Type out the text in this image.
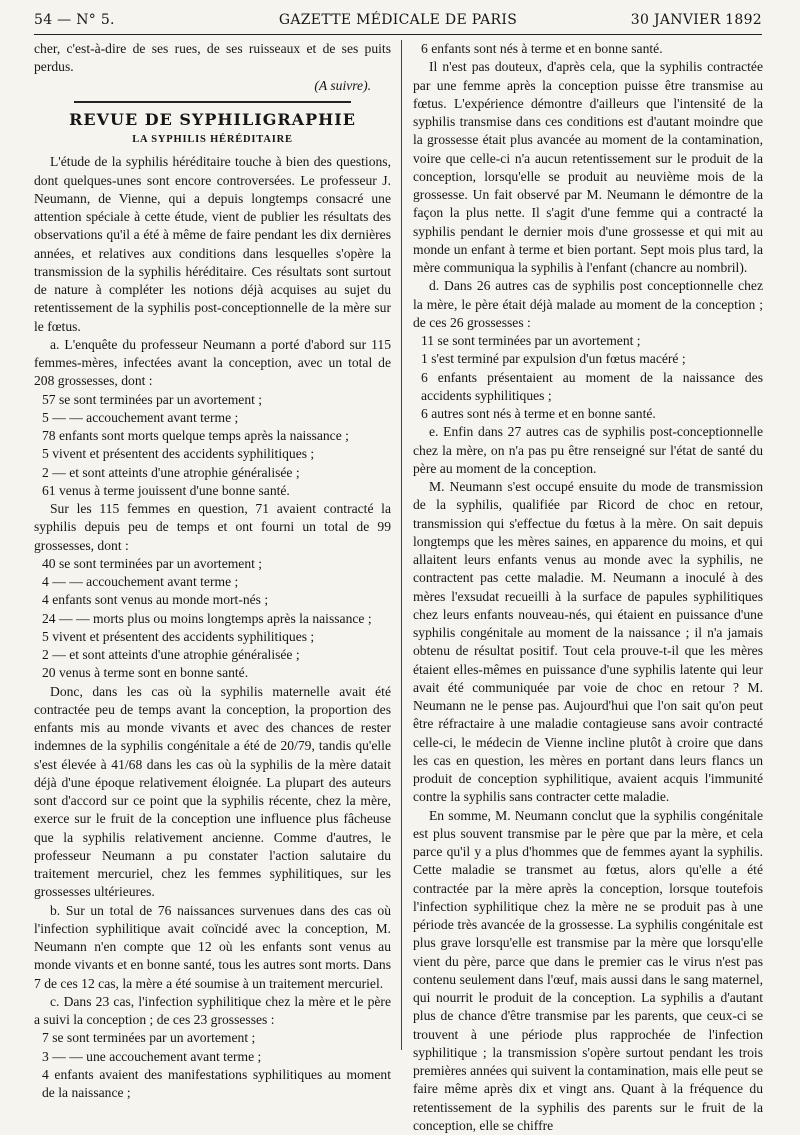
54 — N° 5.	GAZETTE MÉDICALE DE PARIS	30 JANVIER 1892

cher, c'est-à-dire de ses rues, de ses ruisseaux et de ses puits perdus.

(A suivre).

REVUE DE SYPHILIGRAPHIE
LA SYPHILIS HÉRÉDITAIRE

L'étude de la syphilis héréditaire touche à bien des questions, dont quelques-unes sont encore controversées. Le professeur J. Neumann, de Vienne, qui a depuis longtemps consacré une attention spéciale à cette étude, vient de publier les résultats des observations qu'il a été à même de faire pendant les dix dernières années, et relatives aux conditions dans lesquelles s'opère la transmission de la syphilis héréditaire. Ces résultats sont surtout de nature à compléter les notions déjà acquises au sujet du retentissement de la syphilis post-conceptionnelle de la mère sur le fœtus.

a. L'enquête du professeur Neumann a porté d'abord sur 115 femmes-mères, infectées avant la conception, avec un total de 208 grossesses, dont :

57 se sont terminées par un avortement ;

5 — — accouchement avant terme ;

78 enfants sont morts quelque temps après la naissance ;

5 vivent et présentent des accidents syphilitiques ;

2 — et sont atteints d'une atrophie généralisée ;

61 venus à terme jouissent d'une bonne santé.

Sur les 115 femmes en question, 71 avaient contracté la syphilis depuis peu de temps et ont fourni un total de 99 grossesses, dont :

40 se sont terminées par un avortement ;

4 — — accouchement avant terme ;

4 enfants sont venus au monde mort-nés ;

24 — — morts plus ou moins longtemps après la naissance ;

5 vivent et présentent des accidents syphilitiques ;

2 — et sont atteints d'une atrophie généralisée ;

20 venus à terme sont en bonne santé.

Donc, dans les cas où la syphilis maternelle avait été contractée peu de temps avant la conception, la proportion des enfants mis au monde vivants et avec des chances de rester indemnes de la syphilis congénitale a été de 20/79, tandis qu'elle s'est élevée à 41/68 dans les cas où la syphilis de la mère datait déjà d'une époque relativement éloignée. La plupart des auteurs sont d'accord sur ce point que la syphilis récente, chez la mère, exerce sur le fruit de la conception une influence plus fâcheuse que la syphilis relativement ancienne. Comme d'autres, le professeur Neumann a pu constater l'action salutaire du traitement mercuriel, chez les femmes syphilitiques, sur les grossesses ultérieures.

b. Sur un total de 76 naissances survenues dans des cas où l'infection syphilitique avait coïncidé avec la conception, M. Neumann n'en compte que 12 où les enfants sont venus au monde vivants et en bonne santé, tous les autres sont morts. Dans 7 de ces 12 cas, la mère a été soumise à un traitement mercuriel.

c. Dans 23 cas, l'infection syphilitique chez la mère et le père a suivi la conception ; de ces 23 grossesses :

7 se sont terminées par un avortement ;

3 — — une accouchement avant terme ;

4 enfants avaient des manifestations syphilitiques au moment de la naissance ;

6 enfants sont nés à terme et en bonne santé.

Il n'est pas douteux, d'après cela, que la syphilis contractée par une femme après la conception puisse être transmise au fœtus. L'expérience démontre d'ailleurs que l'intensité de la syphilis transmise dans ces conditions est d'autant moindre que la grossesse était plus avancée au moment de la contamination, voire que celle-ci n'a aucun retentissement sur le produit de la conception, lorsqu'elle se produit au neuvième mois de la grossesse. Un fait observé par M. Neumann le démontre de la façon la plus nette. Il s'agit d'une femme qui a contracté la syphilis pendant le dernier mois d'une grossesse et qui mit au monde un enfant à terme et bien portant. Sept mois plus tard, la mère communiqua la syphilis à l'enfant (chancre au nombril).

d. Dans 26 autres cas de syphilis post conceptionnelle chez la mère, le père était déjà malade au moment de la conception ; de ces 26 grossesses :

11 se sont terminées par un avortement ;

1 s'est terminé par expulsion d'un fœtus macéré ;

6 enfants présentaient au moment de la naissance des accidents syphilitiques ;

6 autres sont nés à terme et en bonne santé.

e. Enfin dans 27 autres cas de syphilis post-conceptionnelle chez la mère, on n'a pas pu être renseigné sur l'état de santé du père au moment de la conception.

M. Neumann s'est occupé ensuite du mode de transmission de la syphilis, qualifiée par Ricord de choc en retour, transmission qui s'effectue du fœtus à la mère. On sait depuis longtemps que les mères saines, en apparence du moins, et qui allaitent leurs enfants venus au monde avec la syphilis, ne contractent pas cette maladie. M. Neumann a inoculé à des mères l'exsudat recueilli à la surface de papules syphilitiques chez leurs enfants nouveau-nés, qui étaient en puissance d'une syphilis congénitale au moment de la naissance ; il n'a jamais obtenu de résultat positif. Tout cela prouve-t-il que les mères étaient elles-mêmes en puissance d'une syphilis latente qui leur avait été communiquée par voie de choc en retour ? M. Neumann ne le pense pas. Aujourd'hui que l'on sait qu'on peut être réfractaire à une maladie contagieuse sans avoir contracté celle-ci, le médecin de Vienne incline plutôt à croire que dans les cas en question, les mères en portant dans leurs flancs un produit de conception syphilitique, avaient acquis l'immunité contre la syphilis sans contracter cette maladie.

En somme, M. Neumann conclut que la syphilis congénitale est plus souvent transmise par le père que par la mère, et cela parce qu'il y a plus d'hommes que de femmes ayant la syphilis. Cette maladie se transmet au fœtus, alors qu'elle a été contractée par la mère après la conception, lorsque toutefois l'infection syphilitique chez la mère ne se produit pas à une période très avancée de la grossesse. La syphilis congénitale est plus grave lorsqu'elle est transmise par la mère que lorsqu'elle vient du père, parce que dans le premier cas le virus n'est pas contenu seulement dans l'œuf, mais aussi dans le sang maternel, qui nourrit le produit de la conception. La syphilis a d'autant plus de chance d'être transmise par les parents, que ceux-ci se trouvent à une période plus rapprochée de l'infection syphilitique ; la transmission s'opère surtout pendant les trois premières années qui suivent la contamination, mais elle peut se faire même après dix et vingt ans. Quant à la fréquence du retentissement de la syphilis des parents sur le fruit de la conception, elle se chiffre
